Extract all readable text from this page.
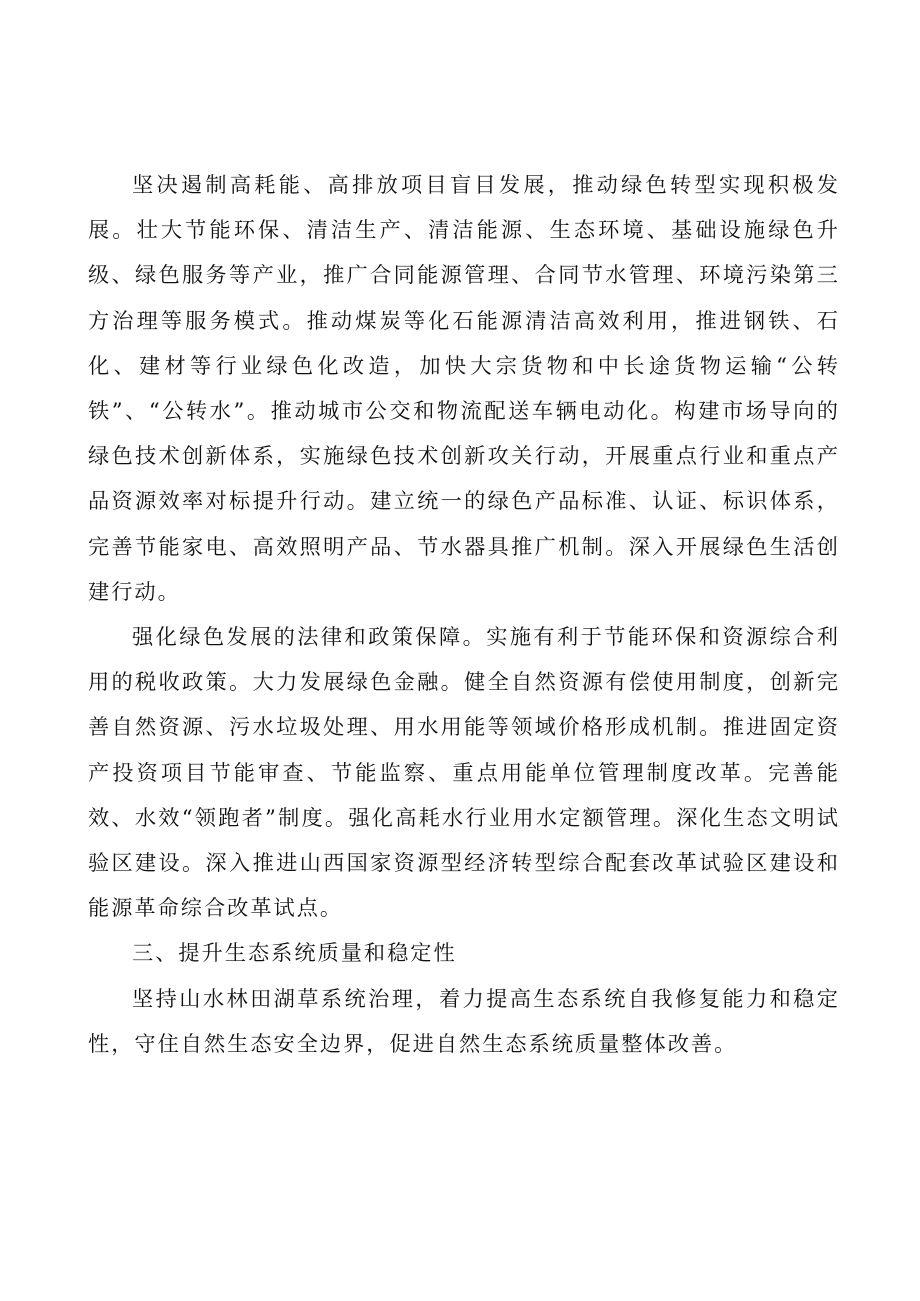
坚决遏制高耗能、高排放项目盲目发展，推动绿色转型实现积极发展。壮大节能环保、清洁生产、清洁能源、生态环境、基础设施绿色升级、绿色服务等产业，推广合同能源管理、合同节水管理、环境污染第三方治理等服务模式。推动煤炭等化石能源清洁高效利用，推进钢铁、石化、建材等行业绿色化改造，加快大宗货物和中长途货物运输“公转铁”、“公转水”。推动城市公交和物流配送车辆电动化。构建市场导向的绿色技术创新体系，实施绿色技术创新攻关行动，开展重点行业和重点产品资源效率对标提升行动。建立统一的绿色产品标准、认证、标识体系，完善节能家电、高效照明产品、节水器具推广机制。深入开展绿色生活创建行动。

强化绿色发展的法律和政策保障。实施有利于节能环保和资源综合利用的税收政策。大力发展绿色金融。健全自然资源有偿使用制度，创新完善自然资源、污水垃圾处理、用水用能等领域价格形成机制。推进固定资产投资项目节能审查、节能监察、重点用能单位管理制度改革。完善能效、水效“领跑者”制度。强化高耗水行业用水定额管理。深化生态文明试验区建设。深入推进山西国家资源型经济转型综合配套改革试验区建设和能源革命综合改革试点。

三、提升生态系统质量和稳定性

坚持山水林田湖草系统治理，着力提高生态系统自我修复能力和稳定性，守住自然生态安全边界，促进自然生态系统质量整体改善。
